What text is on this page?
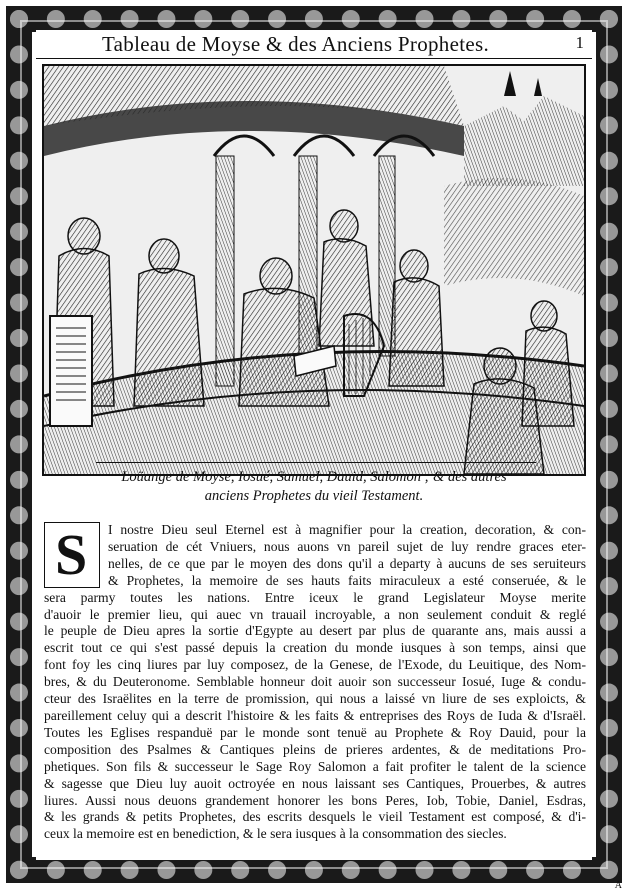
Tableau de Moyse & des Anciens Prophetes.	1
Loüange de Moyse, Iosué, Samuel, Dauid, Salomon ; & des autres
anciens Prophetes du vieil Testament.
I nostre Dieu seul Eternel est à magnifier pour la creation, decoration, & con-
seruation de cét Vniuers, nous auons vn pareil sujet de luy rendre graces eter-
nelles, de ce que par le moyen des dons qu'il a departy à aucuns de ses seruiteurs
& Prophetes, la memoire de ses hauts faits miraculeux a esté conseruée, & le
sera parmy toutes les nations. Entre iceux le grand Legislateur Moyse merite
d'auoir le premier lieu, qui auec vn trauail incroyable, a non seulement conduit & reglé
le peuple de Dieu apres la sortie d'Egypte au desert par plus de quarante ans, mais aussi a
escrit tout ce qui s'est passé depuis la creation du monde iusques à son temps, ainsi que
font foy les cinq liures par luy composez, de la Genese, de l'Exode, du Leuitique, des Nom-
bres, & du Deuteronome. Semblable honneur doit auoir son successeur Iosué, Iuge & condu-
cteur des Israëlites en la terre de promission, qui nous a laissé vn liure de ses exploicts, &
pareillement celuy qui a descrit l'histoire & les faits & entreprises des Roys de Iuda & d'Israël.
Toutes les Eglises respanduë par le monde sont tenuë au Prophete & Roy Dauid, pour la
composition des Psalmes & Cantiques pleins de prieres ardentes, & de meditations Pro-
phetiques. Son fils & successeur le Sage Roy Salomon a fait profiter le talent de la science
& sagesse que Dieu luy auoit octroyée en nous laissant ses Cantiques, Prouerbes, & autres
liures. Aussi nous deuons grandement honorer les bons Peres, Iob, Tobie, Daniel, Esdras,
& les grands & petits Prophetes, des escrits desquels le vieil Testament est composé, & d'i-
ceux la memoire est en benediction, & le sera iusques à la consommation des siecles.
S
A
